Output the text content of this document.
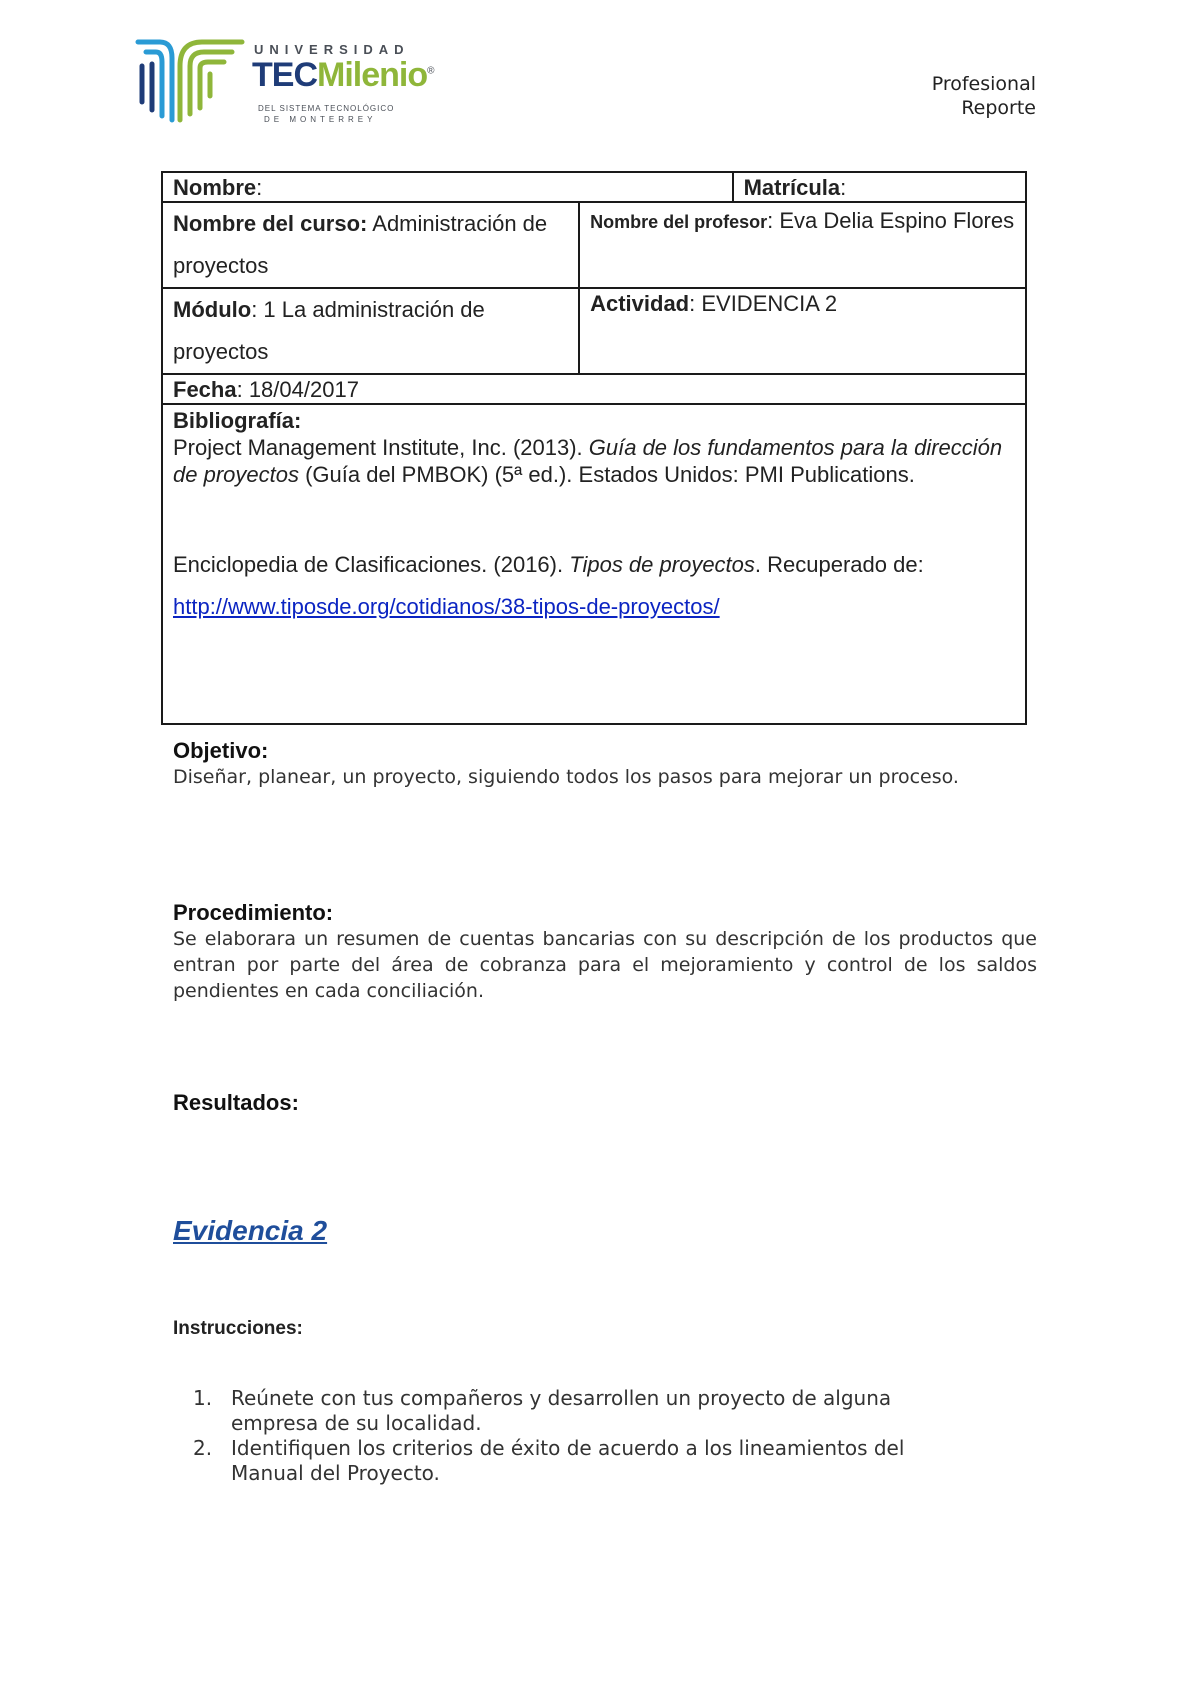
UNIVERSIDAD
TECMilenio®
DEL SISTEMA TECNOLÓGICO
DE MONTERREY
Profesional
Reporte
Nombre:		Matrícula:
Nombre del curso: Administración de proyectos	Nombre del profesor: Eva Delia Espino Flores	
Módulo: 1 La administración de proyectos	Actividad: EVIDENCIA 2	
Fecha: 18/04/2017		

Bibliografía:

Project Management Institute, Inc. (2013). Guía de los fundamentos para la dirección de proyectos (Guía del PMBOK) (5ª ed.). Estados Unidos: PMI Publications.

Enciclopedia de Clasificaciones. (2016). Tipos de proyectos. Recuperado de: http://www.tiposde.org/cotidianos/38-tipos-de-proyectos/		

Objetivo:
Diseñar, planear, un proyecto, siguiendo todos los pasos para mejorar un proceso.
Procedimiento:
Se elaborara un resumen de cuentas bancarias con su descripción de los productos que entran por parte del área de cobranza para el mejoramiento y control de los saldos pendientes en cada conciliación.
Resultados:
Evidencia 2
Instrucciones:
1. Reúnete con tus compañeros y desarrollen un proyecto de alguna empresa de su localidad.
2. Identifiquen los criterios de éxito de acuerdo a los lineamientos del Manual del Proyecto.
